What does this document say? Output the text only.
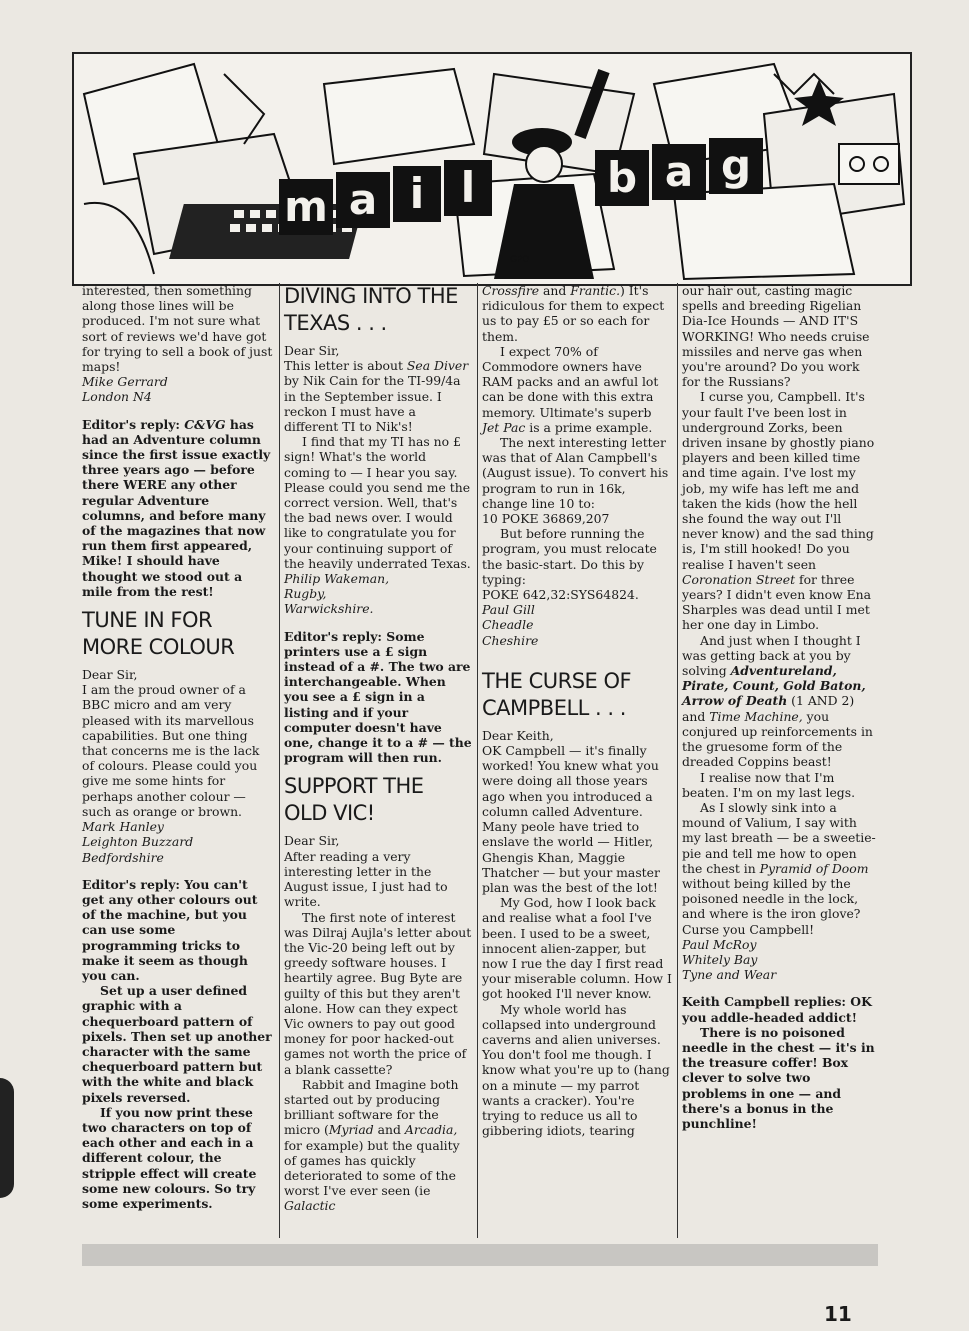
m a i l	b a g
GPO

interested, then something along those lines will be produced. I'm not sure what sort of reviews we'd have got for trying to sell a book of just maps!

Mike Gerrard

London N4

Editor's reply: C&VG has had an Adventure column since the first issue exactly three years ago — before there WERE any other regular Adventure columns, and before many of the magazines that now run them first appeared, Mike! I should have thought we stood out a mile from the rest!

TUNE IN FOR MORE COLOUR

Dear Sir,

I am the proud owner of a BBC micro and am very pleased with its marvellous capabilities. But one thing that concerns me is the lack of colours. Please could you give me some hints for perhaps another colour — such as orange or brown.

Mark Hanley

Leighton Buzzard

Bedfordshire

Editor's reply: You can't get any other colours out of the machine, but you can use some programming tricks to make it seem as though you can.

Set up a user defined graphic with a chequerboard pattern of pixels. Then set up another character with the same chequerboard pattern but with the white and black pixels reversed.

If you now print these two characters on top of each other and each in a different colour, the stripple effect will create some new colours. So try some experiments.

DIVING INTO THE TEXAS . . .

Dear Sir,

This letter is about Sea Diver by Nik Cain for the TI-99/4a in the September issue. I reckon I must have a different TI to Nik's!

I find that my TI has no £ sign! What's the world coming to — I hear you say. Please could you send me the correct version. Well, that's the bad news over. I would like to congratulate you for your continuing support of the heavily underrated Texas.

Philip Wakeman,

Rugby,

Warwickshire.

Editor's reply: Some printers use a £ sign instead of a #. The two are interchangeable. When you see a £ sign in a listing and if your computer doesn't have one, change it to a # — the program will then run.

SUPPORT THE OLD VIC!

Dear Sir,

After reading a very interesting letter in the August issue, I just had to write.

The first note of interest was Dilraj Aujla's letter about the Vic-20 being left out by greedy software houses. I heartily agree. Bug Byte are guilty of this but they aren't alone. How can they expect Vic owners to pay out good money for poor hacked-out games not worth the price of a blank cassette?

Rabbit and Imagine both started out by producing brilliant software for the micro (Myriad and Arcadia, for example) but the quality of games has quickly deteriorated to some of the worst I've ever seen (ie Galactic

Crossfire and Frantic.) It's ridiculous for them to expect us to pay £5 or so each for them.

I expect 70% of Commodore owners have RAM packs and an awful lot can be done with this extra memory. Ultimate's superb Jet Pac is a prime example.

The next interesting letter was that of Alan Campbell's (August issue). To convert his program to run in 16k, change line 10 to:

10 POKE 36869,207

But before running the program, you must relocate the basic-start. Do this by typing:

POKE 642,32:SYS64824.

Paul Gill

Cheadle

Cheshire

THE CURSE OF CAMPBELL . . .

Dear Keith,

OK Campbell — it's finally worked! You knew what you were doing all those years ago when you introduced a column called Adventure. Many peole have tried to enslave the world — Hitler, Ghengis Khan, Maggie Thatcher — but your master plan was the best of the lot!

My God, how I look back and realise what a fool I've been. I used to be a sweet, innocent alien-zapper, but now I rue the day I first read your miserable column. How I got hooked I'll never know.

My whole world has collapsed into underground caverns and alien universes. You don't fool me though. I know what you're up to (hang on a minute — my parrot wants a cracker). You're trying to reduce us all to gibbering idiots, tearing

our hair out, casting magic spells and breeding Rigelian Dia-Ice Hounds — AND IT'S WORKING! Who needs cruise missiles and nerve gas when you're around? Do you work for the Russians?

I curse you, Campbell. It's your fault I've been lost in underground Zorks, been driven insane by ghostly piano players and been killed time and time again. I've lost my job, my wife has left me and taken the kids (how the hell she found the way out I'll never know) and the sad thing is, I'm still hooked! Do you realise I haven't seen Coronation Street for three years? I didn't even know Ena Sharples was dead until I met her one day in Limbo.

And just when I thought I was getting back at you by solving Adventureland, Pirate, Count, Gold Baton, Arrow of Death (1 AND 2) and Time Machine, you conjured up reinforcements in the gruesome form of the dreaded Coppins beast!

I realise now that I'm beaten. I'm on my last legs.

As I slowly sink into a mound of Valium, I say with my last breath — be a sweetie-pie and tell me how to open the chest in Pyramid of Doom without being killed by the poisoned needle in the lock, and where is the iron glove? Curse you Campbell!

Paul McRoy

Whitely Bay

Tyne and Wear

Keith Campbell replies: OK you addle-headed addict!

There is no poisoned needle in the chest — it's in the treasure coffer! Box clever to solve two problems in one — and there's a bonus in the punchline!

11
